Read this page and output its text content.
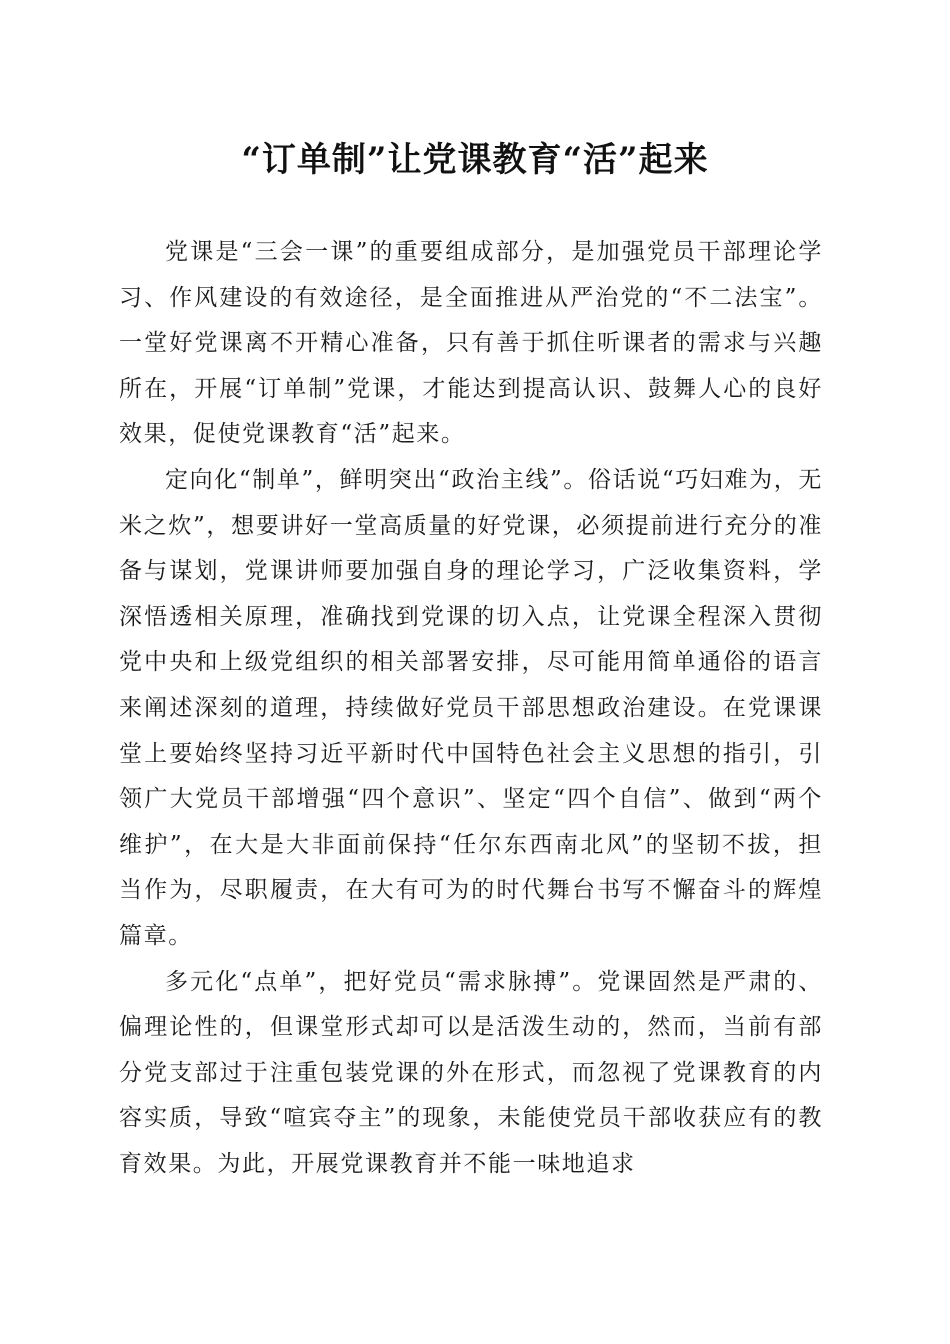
“订单制”让党课教育“活”起来

党课是“三会一课”的重要组成部分，是加强党员干部理论学习、作风建设的有效途径，是全面推进从严治党的“不二法宝”。一堂好党课离不开精心准备，只有善于抓住听课者的需求与兴趣所在，开展“订单制”党课，才能达到提高认识、鼓舞人心的良好效果，促使党课教育“活”起来。

定向化“制单”，鲜明突出“政治主线”。俗话说“巧妇难为，无米之炊”，想要讲好一堂高质量的好党课，必须提前进行充分的准备与谋划，党课讲师要加强自身的理论学习，广泛收集资料，学深悟透相关原理，准确找到党课的切入点，让党课全程深入贯彻党中央和上级党组织的相关部署安排，尽可能用简单通俗的语言来阐述深刻的道理，持续做好党员干部思想政治建设。在党课课堂上要始终坚持习近平新时代中国特色社会主义思想的指引，引领广大党员干部增强“四个意识”、坚定“四个自信”、做到“两个维护”，在大是大非面前保持“任尔东西南北风”的坚韧不拔，担当作为，尽职履责，在大有可为的时代舞台书写不懈奋斗的辉煌篇章。

多元化“点单”，把好党员“需求脉搏”。党课固然是严肃的、偏理论性的，但课堂形式却可以是活泼生动的，然而，当前有部分党支部过于注重包装党课的外在形式，而忽视了党课教育的内容实质，导致“喧宾夺主”的现象，未能使党员干部收获应有的教育效果。为此，开展党课教育并不能一味地追求
